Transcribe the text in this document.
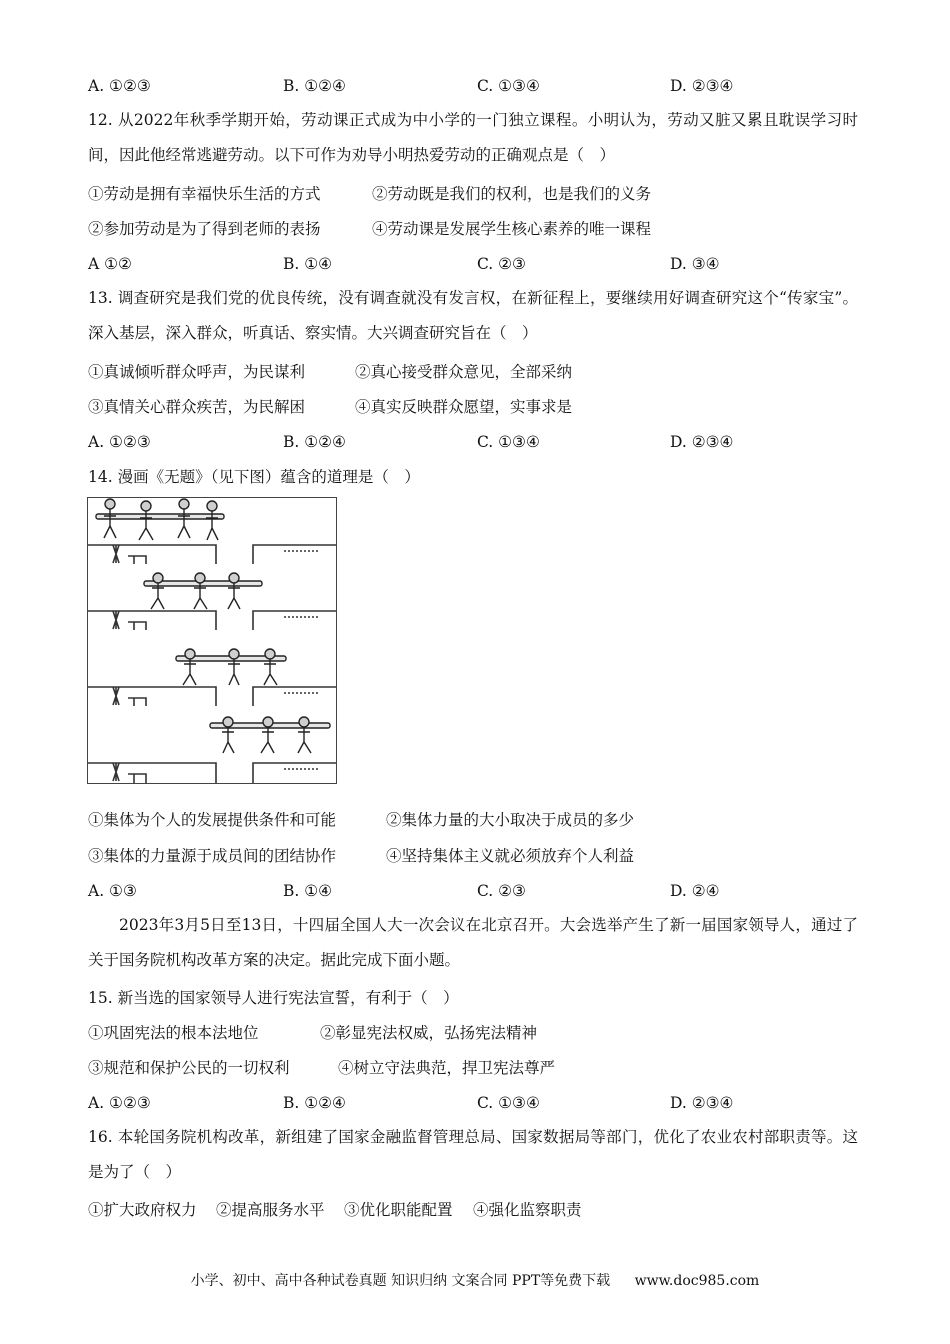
A. ①②③	B. ①②④	C. ①③④	D. ②③④
12. 从2022年秋季学期开始，劳动课正式成为中小学的一门独立课程。小明认为，劳动又脏又累且耽误学习时间，因此他经常逃避劳动。以下可作为劝导小明热爱劳动的正确观点是（　）
①劳动是拥有幸福快乐生活的方式	②劳动既是我们的权利，也是我们的义务
②参加劳动是为了得到老师的表扬	④劳动课是发展学生核心素养的唯一课程
A ①②	B. ①④	C. ②③	D. ③④
13. 调查研究是我们党的优良传统，没有调查就没有发言权，在新征程上，要继续用好调查研究这个“传家宝”。深入基层，深入群众，听真话、察实情。大兴调查研究旨在（　）
①真诚倾听群众呼声，为民谋利	②真心接受群众意见，全部采纳
③真情关心群众疾苦，为民解困	④真实反映群众愿望，实事求是
A. ①②③	B. ①②④	C. ①③④	D. ②③④
14. 漫画《无题》（见下图）蕴含的道理是（　）
①集体为个人的发展提供条件和可能	②集体力量的大小取决于成员的多少
③集体的力量源于成员间的团结协作	④坚持集体主义就必须放弃个人利益
A. ①③	B. ①④	C. ②③	D. ②④
2023年3月5日至13日，十四届全国人大一次会议在北京召开。大会选举产生了新一届国家领导人，通过了关于国务院机构改革方案的决定。据此完成下面小题。
15. 新当选的国家领导人进行宪法宣誓，有利于（　）
①巩固宪法的根本法地位	②彰显宪法权威，弘扬宪法精神
③规范和保护公民的一切权利	④树立守法典范，捍卫宪法尊严
A. ①②③	B. ①②④	C. ①③④	D. ②③④
16. 本轮国务院机构改革，新组建了国家金融监督管理总局、国家数据局等部门，优化了农业农村部职责等。这是为了（　）
①扩大政府权力 ②提高服务水平 ③优化职能配置 ④强化监察职责
小学、初中、高中各种试卷真题 知识归纳 文案合同 PPT等免费下载 www.doc985.com
